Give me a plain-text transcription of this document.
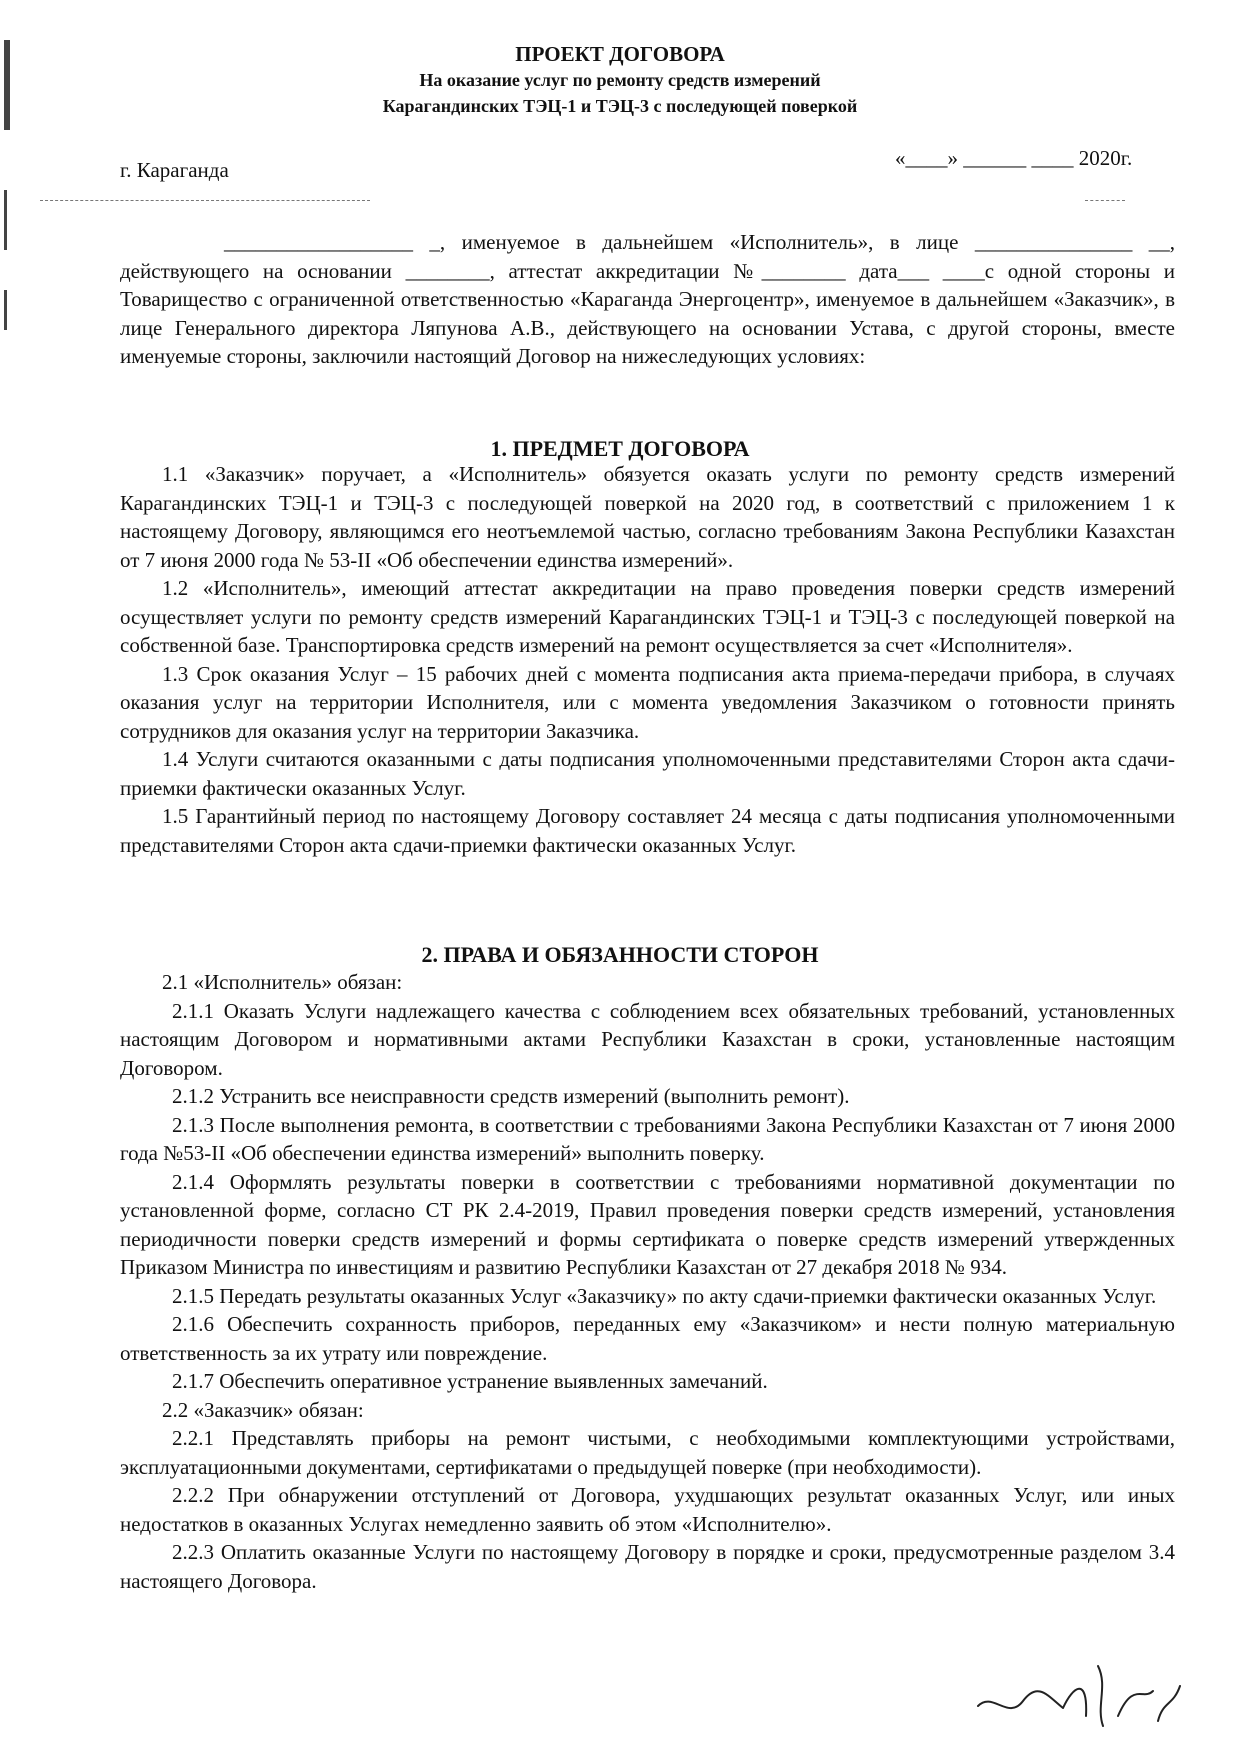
ПРОЕКТ ДОГОВОРА
На оказание услуг по ремонту средств измерений
Карагандинских ТЭЦ-1 и ТЭЦ-3 с последующей поверкой
г. Караганда	«____» ______ ____ 2020г.

__________________ _, именуемое в дальнейшем «Исполнитель», в лице _______________ __, действующего на основании ________, аттестат аккредитации №________ дата___ ____с одной стороны и Товарищество с ограниченной ответственностью «Караганда Энергоцентр», именуемое в дальнейшем «Заказчик», в лице Генерального директора Ляпунова А.В., действующего на основании Устава, с другой стороны, вместе именуемые стороны, заключили настоящий Договор на нижеследующих условиях:

1. ПРЕДМЕТ ДОГОВОРА

1.1 «Заказчик» поручает, а «Исполнитель» обязуется оказать услуги по ремонту средств измерений Карагандинских ТЭЦ-1 и ТЭЦ-3 с последующей поверкой на 2020 год, в соответствий с приложением 1 к настоящему Договору, являющимся его неотъемлемой частью, согласно требованиям Закона Республики Казахстан от 7 июня 2000 года № 53-II «Об обеспечении единства измерений».

1.2 «Исполнитель», имеющий аттестат аккредитации на право проведения поверки средств измерений осуществляет услуги по ремонту средств измерений Карагандинских ТЭЦ-1 и ТЭЦ-3 с последующей поверкой на собственной базе. Транспортировка средств измерений на ремонт осуществляется за счет «Исполнителя».

1.3 Срок оказания Услуг – 15 рабочих дней с момента подписания акта приема-передачи прибора, в случаях оказания услуг на территории Исполнителя, или с момента уведомления Заказчиком о готовности принять сотрудников для оказания услуг на территории Заказчика.

1.4 Услуги считаются оказанными с даты подписания уполномоченными представителями Сторон акта сдачи-приемки фактически оказанных Услуг.

1.5 Гарантийный период по настоящему Договору составляет 24 месяца с даты подписания уполномоченными представителями Сторон акта сдачи-приемки фактически оказанных Услуг.

2. ПРАВА И ОБЯЗАННОСТИ СТОРОН

2.1 «Исполнитель» обязан:

2.1.1 Оказать Услуги надлежащего качества с соблюдением всех обязательных требований, установленных настоящим Договором и нормативными актами Республики Казахстан в сроки, установленные настоящим Договором.

2.1.2 Устранить все неисправности средств измерений (выполнить ремонт).

2.1.3 После выполнения ремонта, в соответствии с требованиями Закона Республики Казахстан от 7 июня 2000 года №53-II «Об обеспечении единства измерений» выполнить поверку.

2.1.4 Оформлять результаты поверки в соответствии с требованиями нормативной документации по установленной форме, согласно СТ РК 2.4-2019, Правил проведения поверки средств измерений, установления периодичности поверки средств измерений и формы сертификата о поверке средств измерений утвержденных Приказом Министра по инвестициям и развитию Республики Казахстан от 27 декабря 2018 № 934.

2.1.5 Передать результаты оказанных Услуг «Заказчику» по акту сдачи-приемки фактически оказанных Услуг.

2.1.6 Обеспечить сохранность приборов, переданных ему «Заказчиком» и нести полную материальную ответственность за их утрату или повреждение.

2.1.7 Обеспечить оперативное устранение выявленных замечаний.

2.2 «Заказчик» обязан:

2.2.1 Представлять приборы на ремонт чистыми, с необходимыми комплектующими устройствами, эксплуатационными документами, сертификатами о предыдущей поверке (при необходимости).

2.2.2 При обнаружении отступлений от Договора, ухудшающих результат оказанных Услуг, или иных недостатков в оказанных Услугах немедленно заявить об этом «Исполнителю».

2.2.3 Оплатить оказанные Услуги по настоящему Договору в порядке и сроки, предусмотренные разделом 3.4 настоящего Договора.
